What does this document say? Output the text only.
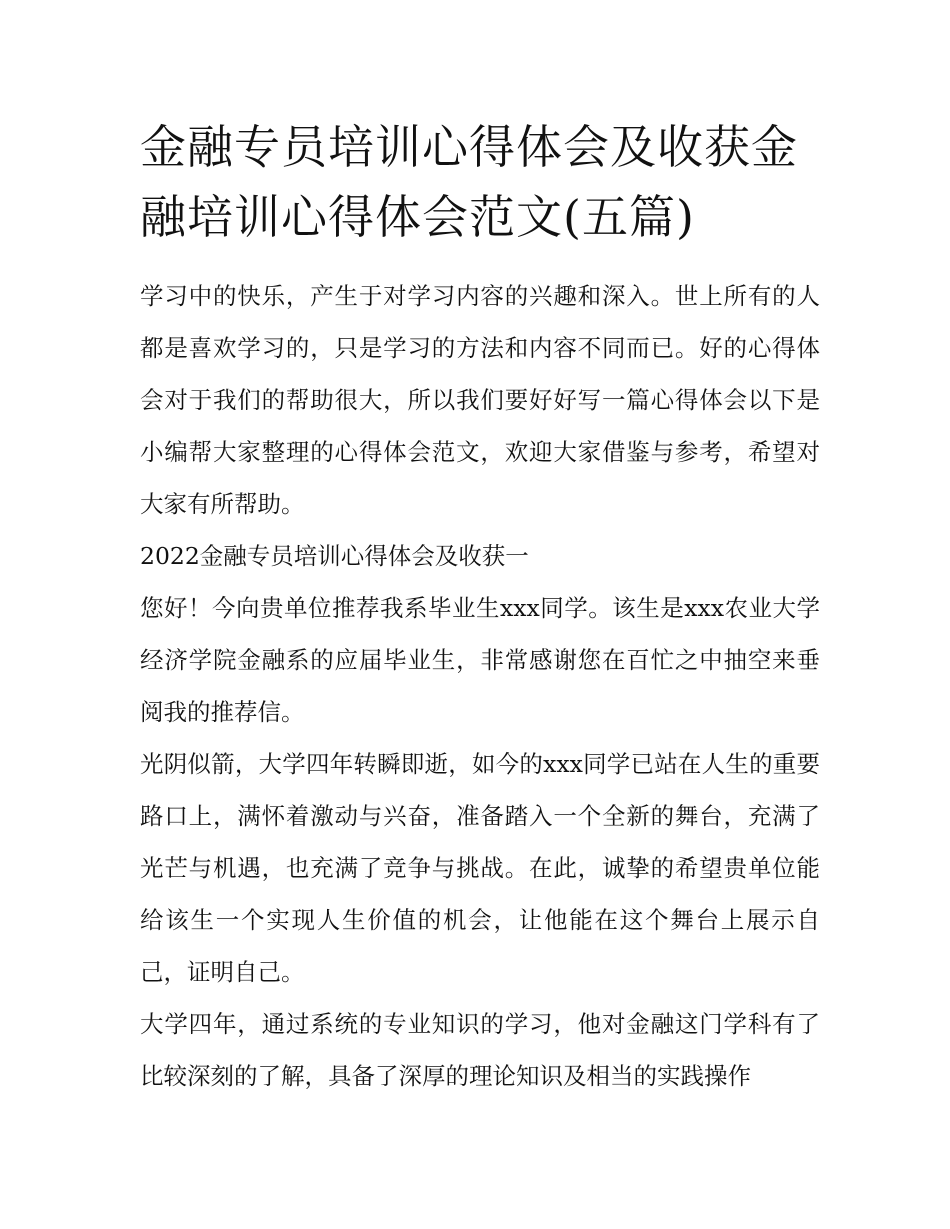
金融专员培训心得体会及收获金融培训心得体会范文(五篇)

学习中的快乐，产生于对学习内容的兴趣和深入。世上所有的人都是喜欢学习的，只是学习的方法和内容不同而已。好的心得体会对于我们的帮助很大，所以我们要好好写一篇心得体会以下是小编帮大家整理的心得体会范文，欢迎大家借鉴与参考，希望对大家有所帮助。

2022金融专员培训心得体会及收获一

您好！今向贵单位推荐我系毕业生xxx同学。该生是xxx农业大学经济学院金融系的应届毕业生，非常感谢您在百忙之中抽空来垂阅我的推荐信。

光阴似箭，大学四年转瞬即逝，如今的xxx同学已站在人生的重要路口上，满怀着激动与兴奋，准备踏入一个全新的舞台，充满了光芒与机遇，也充满了竞争与挑战。在此，诚挚的希望贵单位能给该生一个实现人生价值的机会，让他能在这个舞台上展示自己，证明自己。

大学四年，通过系统的专业知识的学习，他对金融这门学科有了比较深刻的了解，具备了深厚的理论知识及相当的实践操作
